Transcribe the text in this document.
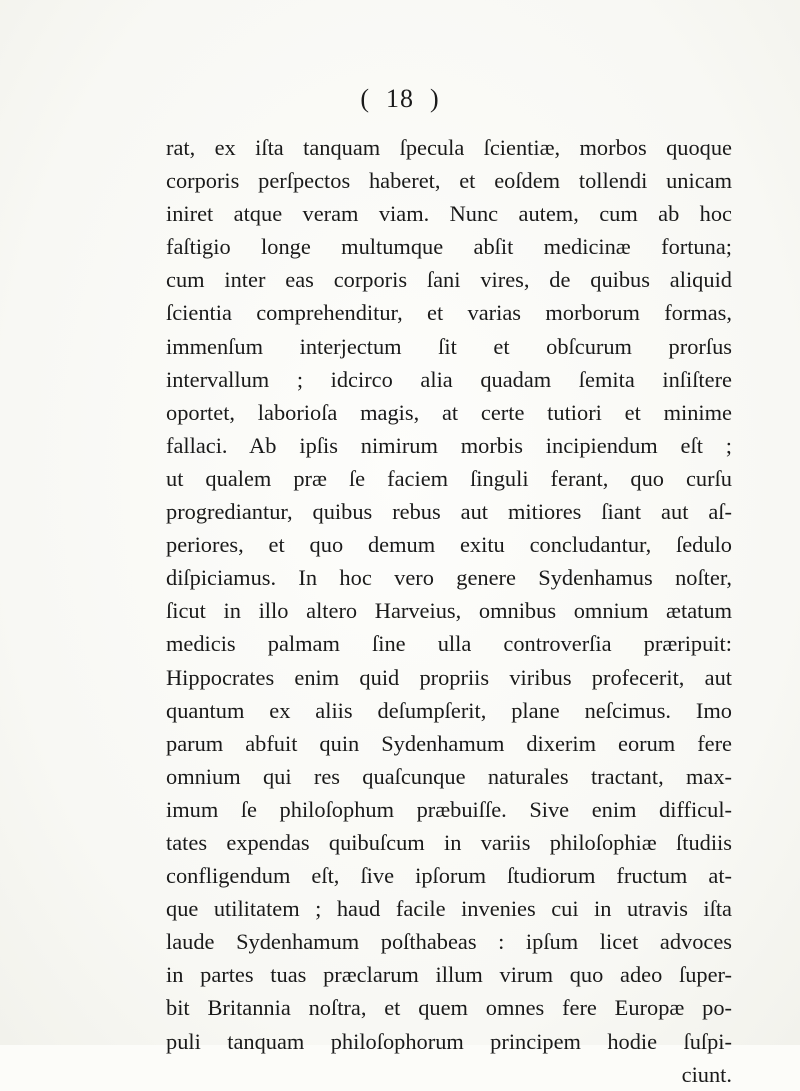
( 18 )
rat, ex iſta tanquam ſpecula ſcientiæ, morbos quoque
corporis perſpectos haberet, et eoſdem tollendi unicam
iniret atque veram viam. Nunc autem, cum ab hoc
faſtigio longe multumque abſit medicinæ fortuna;
cum inter eas corporis ſani vires, de quibus aliquid
ſcientia comprehenditur, et varias morborum formas,
immenſum interjectum ſit et obſcurum prorſus
intervallum ; idcirco alia quadam ſemita inſiſtere
oportet, laborioſa magis, at certe tutiori et minime
fallaci. Ab ipſis nimirum morbis incipiendum eſt ;
ut qualem præ ſe faciem ſinguli ferant, quo curſu
progrediantur, quibus rebus aut mitiores ſiant aut aſ-
periores, et quo demum exitu concludantur, ſedulo
diſpiciamus. In hoc vero genere Sydenhamus noſter,
ſicut in illo altero Harveius, omnibus omnium ætatum
medicis palmam ſine ulla controverſia præripuit:
Hippocrates enim quid propriis viribus profecerit, aut
quantum ex aliis deſumpſerit, plane neſcimus. Imo
parum abfuit quin Sydenhamum dixerim eorum fere
omnium qui res quaſcunque naturales tractant, max-
imum ſe philoſophum præbuiſſe. Sive enim difficul-
tates expendas quibuſcum in variis philoſophiæ ſtudiis
confligendum eſt, ſive ipſorum ſtudiorum fructum at-
que utilitatem ; haud facile invenies cui in utravis iſta
laude Sydenhamum poſthabeas : ipſum licet advoces
in partes tuas præclarum illum virum quo adeo ſuper-
bit Britannia noſtra, et quem omnes fere Europæ po-
puli tanquam philoſophorum principem hodie ſuſpi-
ciunt.
